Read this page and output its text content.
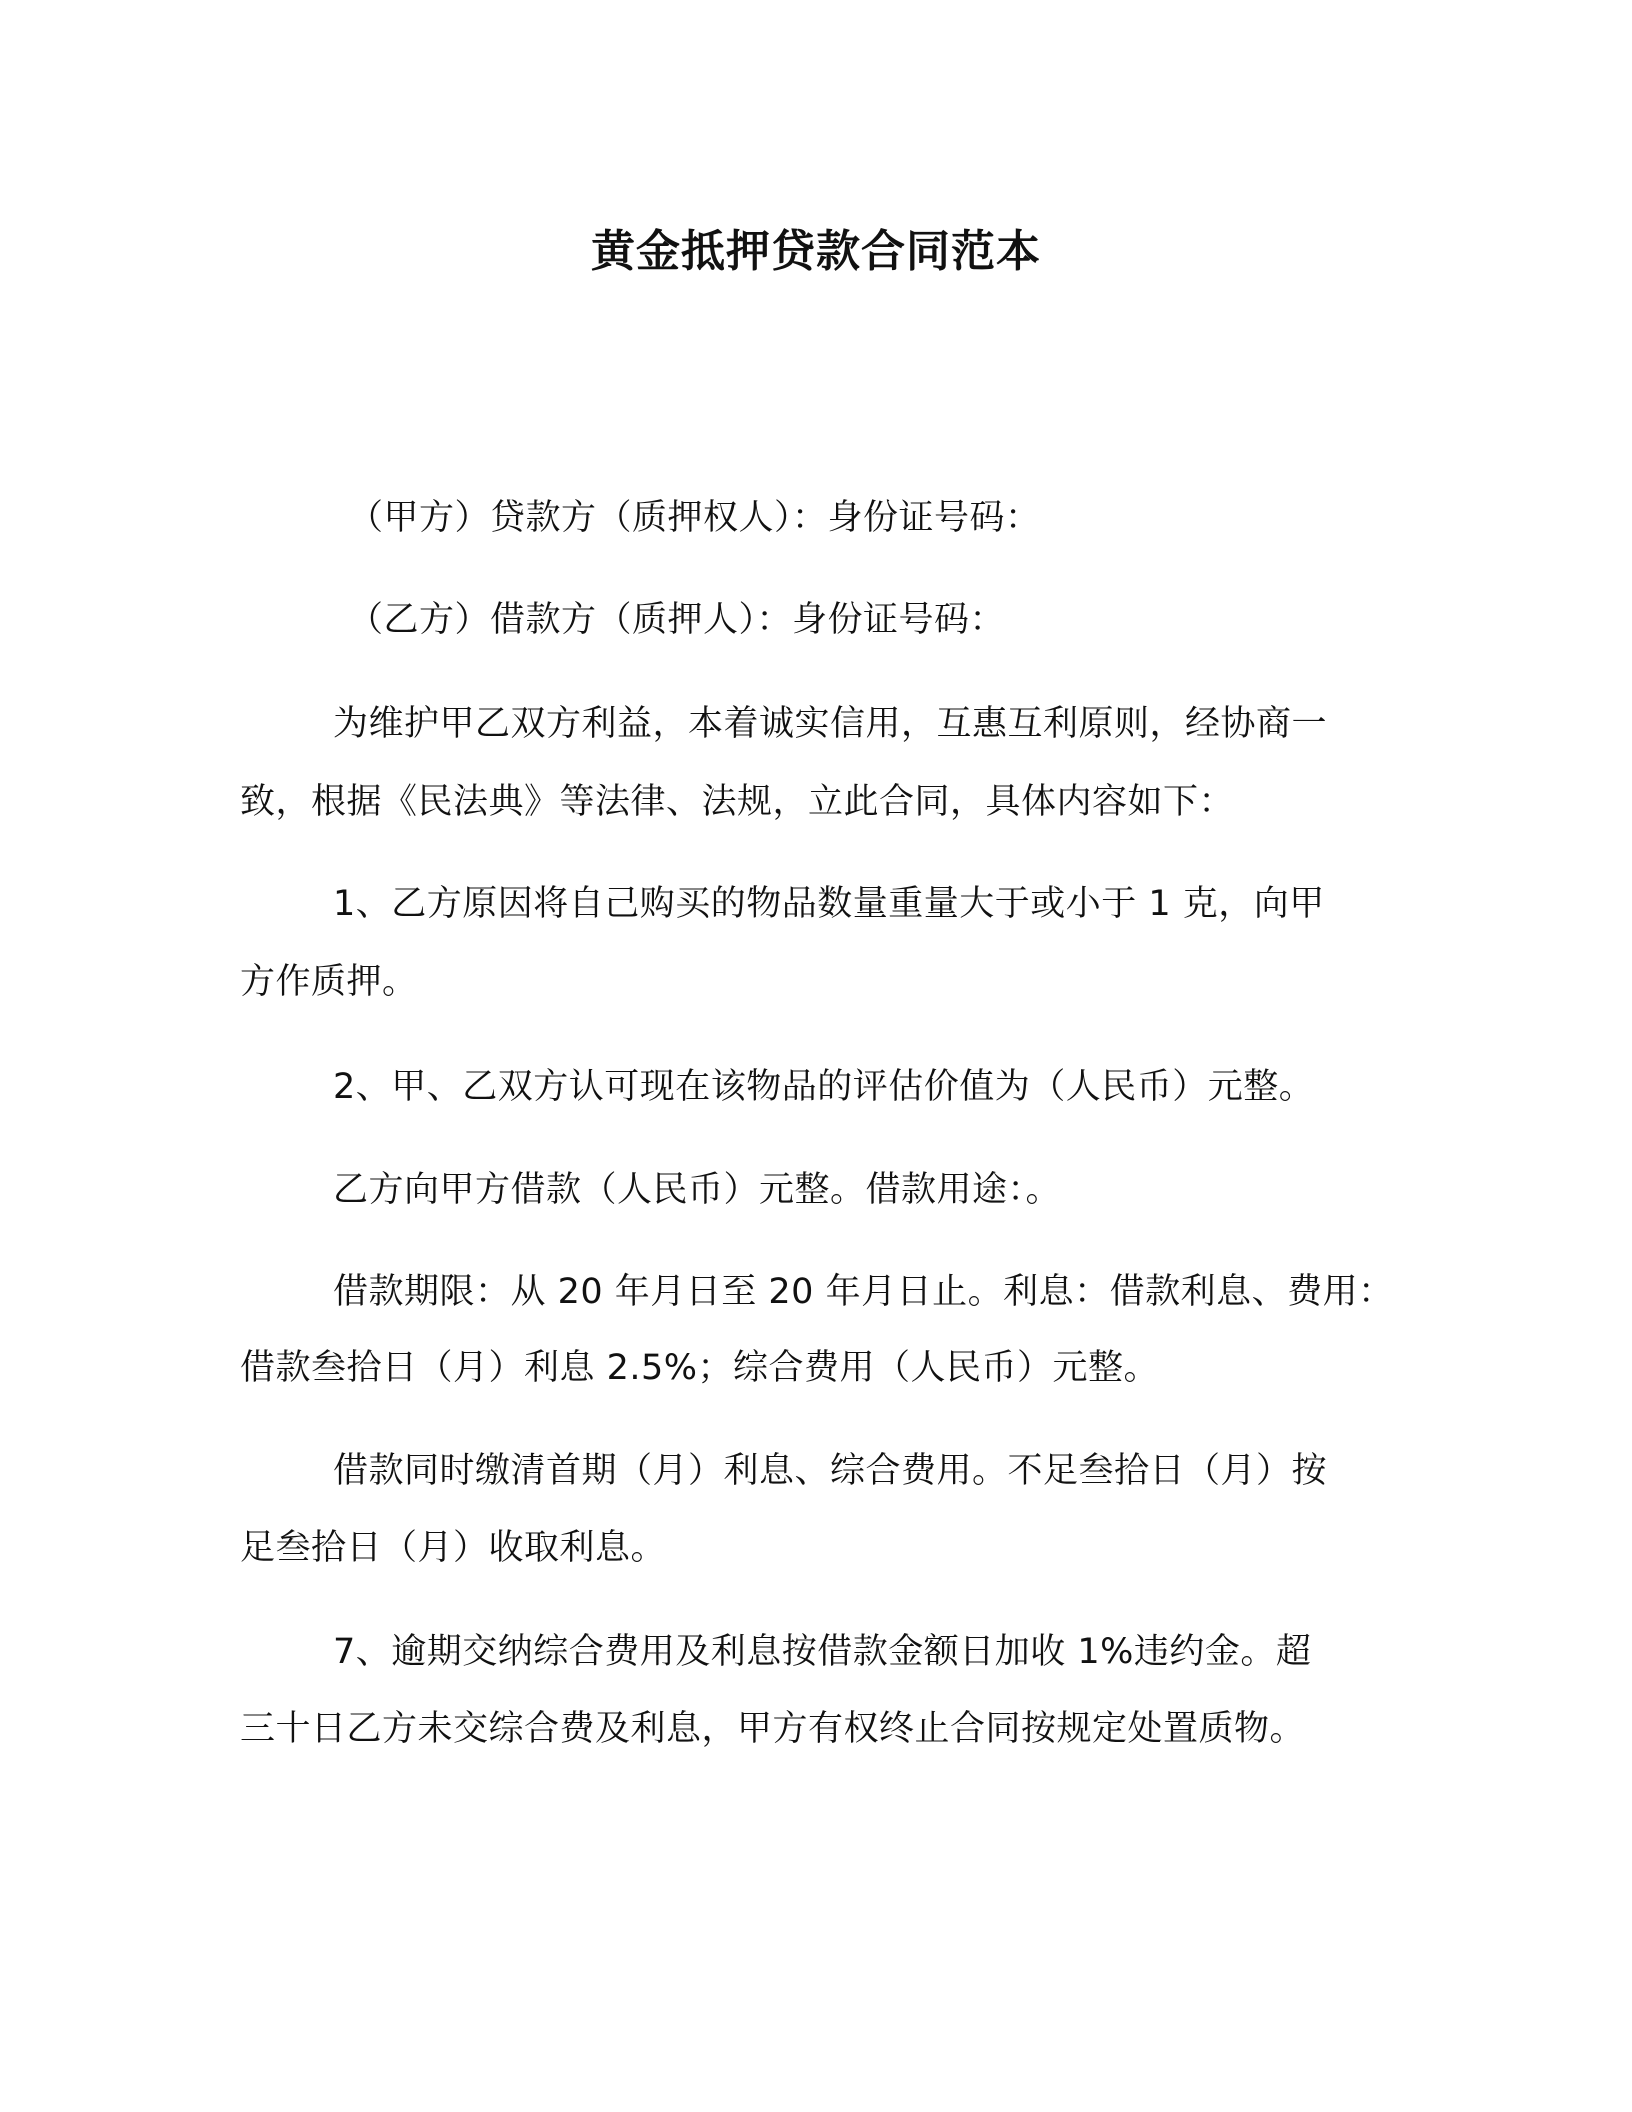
黄金抵押贷款合同范本

（甲方）贷款方（质押权人）：身份证号码：

（乙方）借款方（质押人）：身份证号码：

为维护甲乙双方利益，本着诚实信用，互惠互利原则，经协商一

致，根据《民法典》等法律、法规，立此合同，具体内容如下：

1、乙方原因将自己购买的物品数量重量大于或小于 1 克，向甲

方作质押。

2、甲、乙双方认可现在该物品的评估价值为（人民币）元整。

乙方向甲方借款（人民币）元整。借款用途：。

借款期限：从 20 年月日至 20 年月日止。利息：借款利息、费用：

借款叁拾日（月）利息 2.5%；综合费用（人民币）元整。

借款同时缴清首期（月）利息、综合费用。不足叁拾日（月）按

足叁拾日（月）收取利息。

7、逾期交纳综合费用及利息按借款金额日加收 1%违约金。超

三十日乙方未交综合费及利息，甲方有权终止合同按规定处置质物。
